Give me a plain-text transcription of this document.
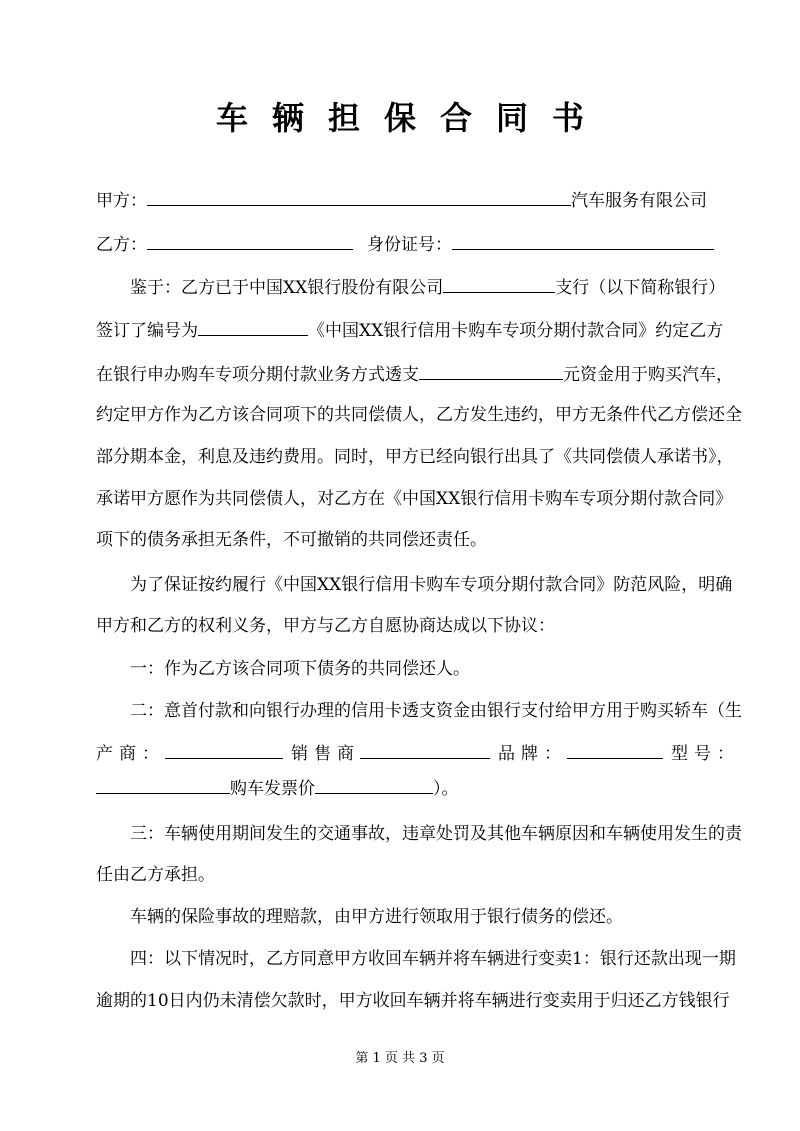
车辆担保合同书
甲方：	汽车服务有限公司
乙方：	身份证号：
鉴于：乙方已于中国XX银行股份有限公司	支行（以下简称银行）
签订了编号为	《中国XX银行信用卡购车专项分期付款合同》约定乙方
在银行申办购车专项分期付款业务方式透支	元资金用于购买汽车，
约定甲方作为乙方该合同项下的共同偿债人，乙方发生违约，甲方无条件代乙方偿还全
部分期本金，利息及违约费用。同时，甲方已经向银行出具了《共同偿债人承诺书》，
承诺甲方愿作为共同偿债人，对乙方在《中国XX银行信用卡购车专项分期付款合同》
项下的债务承担无条件，不可撤销的共同偿还责任。
为了保证按约履行《中国XX银行信用卡购车专项分期付款合同》防范风险，明确
甲方和乙方的权利义务，甲方与乙方自愿协商达成以下协议：
一：作为乙方该合同项下债务的共同偿还人。
二：意首付款和向银行办理的信用卡透支资金由银行支付给甲方用于购买轿车（生
产商：	销售商	品牌：	型号：
购车发票价	）。
三：车辆使用期间发生的交通事故，违章处罚及其他车辆原因和车辆使用发生的责
任由乙方承担。
车辆的保险事故的理赔款，由甲方进行领取用于银行债务的偿还。
四：以下情况时，乙方同意甲方收回车辆并将车辆进行变卖1：银行还款出现一期
逾期的10日内仍未清偿欠款时，甲方收回车辆并将车辆进行变卖用于归还乙方钱银行
第 1 页 共 3 页
